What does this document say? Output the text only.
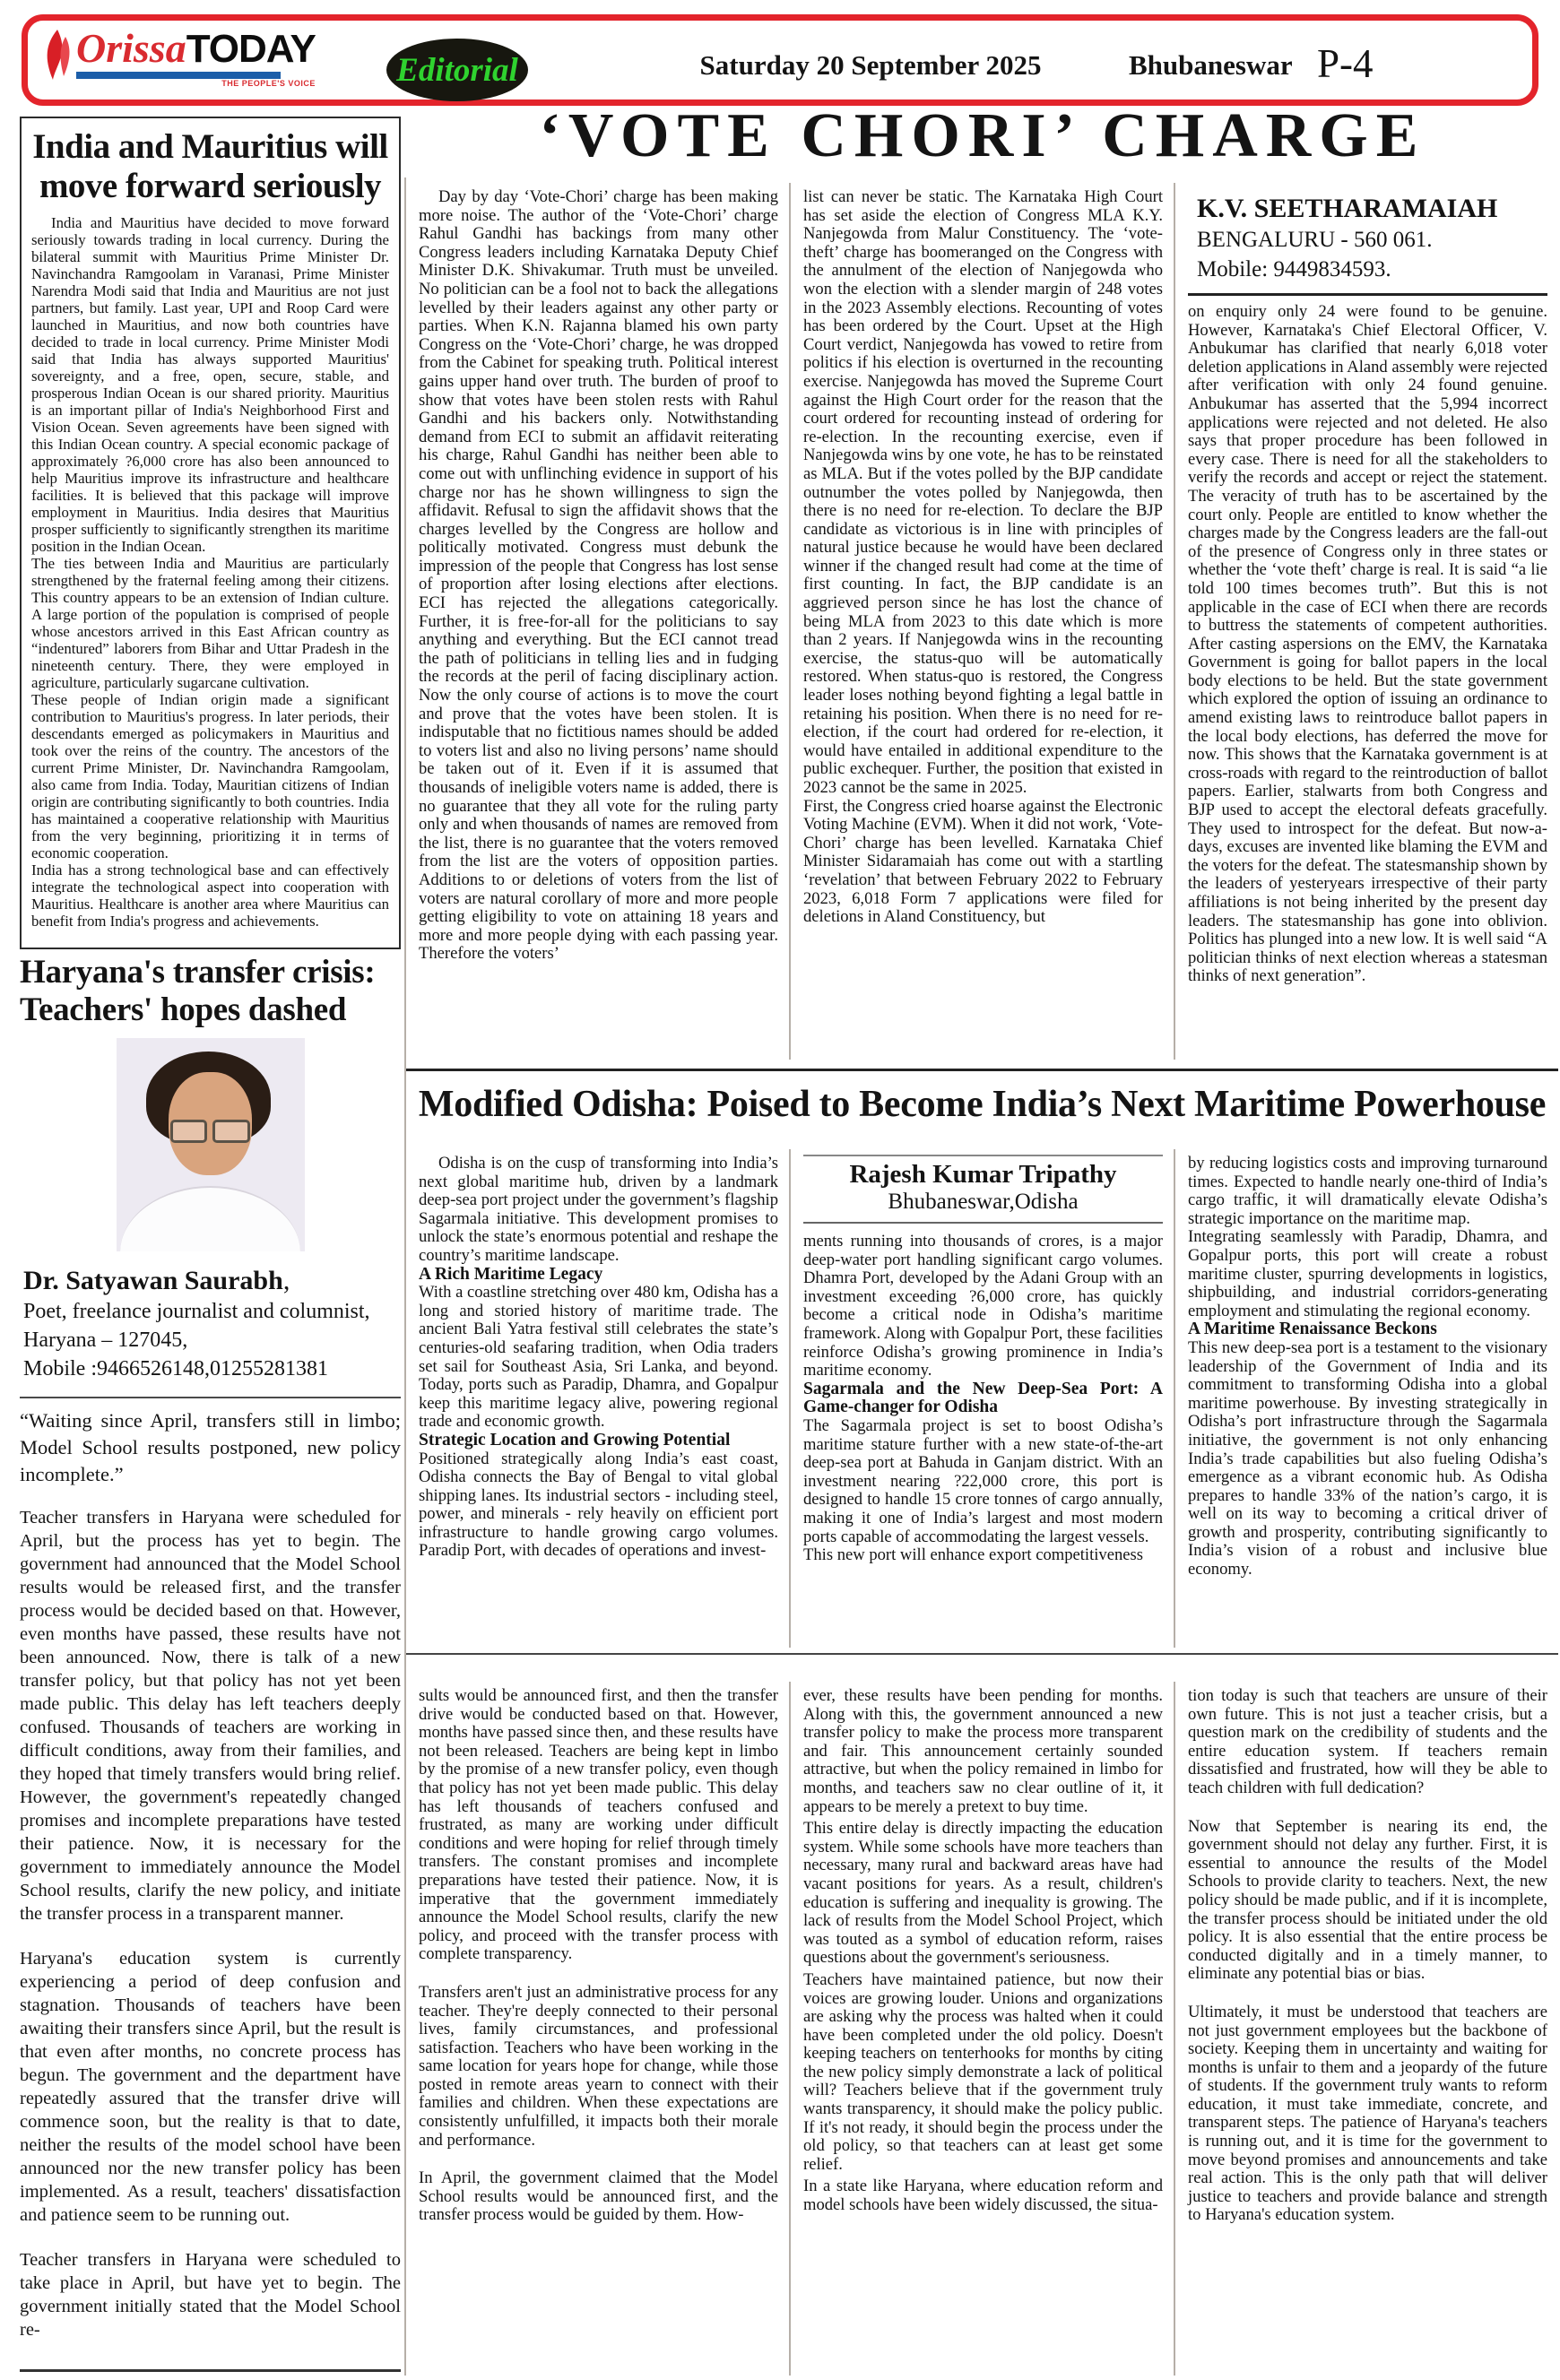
OrissaTODAY
THE PEOPLE'S VOICE Editorial	Saturday 20 September 2025	Bhubaneswar P-4
India and Mauritius will move forward seriously
India and Mauritius have decided to move forward seriously towards trading in local currency. During the bilateral summit with Mauritius Prime Minister Dr. Navinchandra Ramgoolam in Varanasi, Prime Minister Narendra Modi said that India and Mauritius are not just partners, but family. Last year, UPI and Roop Card were launched in Mauritius, and now both countries have decided to trade in local currency. Prime Minister Modi said that India has always supported Mauritius' sovereignty, and a free, open, secure, stable, and prosperous Indian Ocean is our shared priority. Mauritius is an important pillar of India's Neighborhood First and Vision Ocean. Seven agreements have been signed with this Indian Ocean country. A special economic package of approximately ?6,000 crore has also been announced to help Mauritius improve its infrastructure and healthcare facilities. It is believed that this package will improve employment in Mauritius. India desires that Mauritius prosper sufficiently to significantly strengthen its maritime position in the Indian Ocean.
The ties between India and Mauritius are particularly strengthened by the fraternal feeling among their citizens. This country appears to be an extension of Indian culture. A large portion of the population is comprised of people whose ancestors arrived in this East African country as “indentured” laborers from Bihar and Uttar Pradesh in the nineteenth century. There, they were employed in agriculture, particularly sugarcane cultivation.
These people of Indian origin made a significant contribution to Mauritius's progress. In later periods, their descendants emerged as policymakers in Mauritius and took over the reins of the country. The ancestors of the current Prime Minister, Dr. Navinchandra Ramgoolam, also came from India. Today, Mauritian citizens of Indian origin are contributing significantly to both countries. India has maintained a cooperative relationship with Mauritius from the very beginning, prioritizing it in terms of economic cooperation.
India has a strong technological base and can effectively integrate the technological aspect into cooperation with Mauritius. Healthcare is another area where Mauritius can benefit from India's progress and achievements.
Haryana's transfer crisis: Teachers' hopes dashed
Dr. Satyawan Saurabh,
Poet, freelance journalist and columnist,
Haryana – 127045,
Mobile :9466526148,01255281381
“Waiting since April, transfers still in limbo; Model School results postponed, new policy incomplete.”
Teacher transfers in Haryana were scheduled for April, but the process has yet to begin. The government had announced that the Model School results would be released first, and the transfer process would be decided based on that. However, even months have passed, these results have not been announced. Now, there is talk of a new transfer policy, but that policy has not yet been made public. This delay has left teachers deeply confused. Thousands of teachers are working in difficult conditions, away from their families, and they hoped that timely transfers would bring relief. However, the government's repeatedly changed promises and incomplete preparations have tested their patience. Now, it is necessary for the government to immediately announce the Model School results, clarify the new policy, and initiate the transfer process in a transparent manner.
Haryana's education system is currently experiencing a period of deep confusion and stagnation. Thousands of teachers have been awaiting their transfers since April, but the result is that even after months, no concrete process has begun. The government and the department have repeatedly assured that the transfer drive will commence soon, but the reality is that to date, neither the results of the model school have been announced nor the new transfer policy has been implemented. As a result, teachers' dissatisfaction and patience seem to be running out.
Teacher transfers in Haryana were scheduled to take place in April, but have yet to begin. The government initially stated that the Model School re-
‘VOTE CHORI’ CHARGE
Day by day ‘Vote-Chori’ charge has been making more noise. The author of the ‘Vote-Chori’ charge Rahul Gandhi has backings from many other Congress leaders including Karnataka Deputy Chief Minister D.K. Shivakumar. Truth must be unveiled. No politician can be a fool not to back the allegations levelled by their leaders against any other party or parties. When K.N. Rajanna blamed his own party Congress on the ‘Vote-Chori’ charge, he was dropped from the Cabinet for speaking truth. Political interest gains upper hand over truth. The burden of proof to show that votes have been stolen rests with Rahul Gandhi and his backers only. Notwithstanding demand from ECI to submit an affidavit reiterating his charge, Rahul Gandhi has neither been able to come out with unflinching evidence in support of his charge nor has he shown willingness to sign the affidavit. Refusal to sign the affidavit shows that the charges levelled by the Congress are hollow and politically motivated. Congress must debunk the impression of the people that Congress has lost sense of proportion after losing elections after elections. ECI has rejected the allegations categorically. Further, it is free-for-all for the politicians to say anything and everything. But the ECI cannot tread the path of politicians in telling lies and in fudging the records at the peril of facing disciplinary action. Now the only course of actions is to move the court and prove that the votes have been stolen. It is indisputable that no fictitious names should be added to voters list and also no living persons’ name should be taken out of it. Even if it is assumed that thousands of ineligible voters name is added, there is no guarantee that they all vote for the ruling party only and when thousands of names are removed from the list, there is no guarantee that the voters removed from the list are the voters of opposition parties. Additions to or deletions of voters from the list of voters are natural corollary of more and more people getting eligibility to vote on attaining 18 years and more and more people dying with each passing year. Therefore the voters’
list can never be static. The Karnataka High Court has set aside the election of Congress MLA K.Y. Nanjegowda from Malur Constituency. The ‘vote-theft’ charge has boomeranged on the Congress with the annulment of the election of Nanjegowda who won the election with a slender margin of 248 votes in the 2023 Assembly elections. Recounting of votes has been ordered by the Court. Upset at the High Court verdict, Nanjegowda has vowed to retire from politics if his election is overturned in the recounting exercise. Nanjegowda has moved the Supreme Court against the High Court order for the reason that the court ordered for recounting instead of ordering for re-election. In the recounting exercise, even if Nanjegowda wins by one vote, he has to be reinstated as MLA. But if the votes polled by the BJP candidate outnumber the votes polled by Nanjegowda, then there is no need for re-election. To declare the BJP candidate as victorious is in line with principles of natural justice because he would have been declared winner if the changed result had come at the time of first counting. In fact, the BJP candidate is an aggrieved person since he has lost the chance of being MLA from 2023 to this date which is more than 2 years. If Nanjegowda wins in the recounting exercise, the status-quo will be automatically restored. When status-quo is restored, the Congress leader loses nothing beyond fighting a legal battle in retaining his position. When there is no need for re-election, if the court had ordered for re-election, it would have entailed in additional expenditure to the public exchequer. Further, the position that existed in 2023 cannot be the same in 2025.
First, the Congress cried hoarse against the Electronic Voting Machine (EVM). When it did not work, ‘Vote-Chori’ charge has been levelled. Karnataka Chief Minister Sidaramaiah has come out with a startling ‘revelation’ that between February 2022 to February 2023, 6,018 Form 7 applications were filed for deletions in Aland Constituency, but
K.V. SEETHARAMAIAH
BENGALURU - 560 061.
Mobile: 9449834593.
on enquiry only 24 were found to be genuine. However, Karnataka's Chief Electoral Officer, V. Anbukumar has clarified that nearly 6,018 voter deletion applications in Aland assembly were rejected after verification with only 24 found genuine. Anbukumar has asserted that the 5,994 incorrect applications were rejected and not deleted. He also says that proper procedure has been followed in every case. There is need for all the stakeholders to verify the records and accept or reject the statement. The veracity of truth has to be ascertained by the court only. People are entitled to know whether the charges made by the Congress leaders are the fall-out of the presence of Congress only in three states or whether the ‘vote theft’ charge is real. It is said “a lie told 100 times becomes truth”. But this is not applicable in the case of ECI when there are records to buttress the statements of competent authorities. After casting aspersions on the EMV, the Karnataka Government is going for ballot papers in the local body elections to be held. But the state government which explored the option of issuing an ordinance to amend existing laws to reintroduce ballot papers in the local body elections, has deferred the move for now. This shows that the Karnataka government is at cross-roads with regard to the reintroduction of ballot papers. Earlier, stalwarts from both Congress and BJP used to accept the electoral defeats gracefully. They used to introspect for the defeat. But now-a-days, excuses are invented like blaming the EVM and the voters for the defeat. The statesmanship shown by the leaders of yesteryears irrespective of their party affiliations is not being inherited by the present day leaders. The statesmanship has gone into oblivion. Politics has plunged into a new low. It is well said “A politician thinks of next election whereas a statesman thinks of next generation”.
Modified Odisha: Poised to Become India’s Next Maritime Powerhouse
Odisha is on the cusp of transforming into India’s next global maritime hub, driven by a landmark deep-sea port project under the government’s flagship Sagarmala initiative. This development promises to unlock the state’s enormous potential and reshape the country’s maritime landscape.
A Rich Maritime Legacy
With a coastline stretching over 480 km, Odisha has a long and storied history of maritime trade. The ancient Bali Yatra festival still celebrates the state’s centuries-old seafaring tradition, when Odia traders set sail for Southeast Asia, Sri Lanka, and beyond. Today, ports such as Paradip, Dhamra, and Gopalpur keep this maritime legacy alive, powering regional trade and economic growth.
Strategic Location and Growing Potential
Positioned strategically along India’s east coast, Odisha connects the Bay of Bengal to vital global shipping lanes. Its industrial sectors - including steel, power, and minerals - rely heavily on efficient port infrastructure to handle growing cargo volumes. Paradip Port, with decades of operations and invest-
Rajesh Kumar Tripathy
Bhubaneswar,Odisha
ments running into thousands of crores, is a major deep-water port handling significant cargo volumes. Dhamra Port, developed by the Adani Group with an investment exceeding ?6,000 crore, has quickly become a critical node in Odisha’s maritime framework. Along with Gopalpur Port, these facilities reinforce Odisha’s growing prominence in India’s maritime economy.
Sagarmala and the New Deep-Sea Port: A Game-changer for Odisha
The Sagarmala project is set to boost Odisha’s maritime stature further with a new state-of-the-art deep-sea port at Bahuda in Ganjam district. With an investment nearing ?22,000 crore, this port is designed to handle 15 crore tonnes of cargo annually, making it one of India’s largest and most modern ports capable of accommodating the largest vessels.
This new port will enhance export competitiveness
by reducing logistics costs and improving turnaround times. Expected to handle nearly one-third of India’s cargo traffic, it will dramatically elevate Odisha’s strategic importance on the maritime map.
Integrating seamlessly with Paradip, Dhamra, and Gopalpur ports, this port will create a robust maritime cluster, spurring developments in logistics, shipbuilding, and industrial corridors-generating employment and stimulating the regional economy.
A Maritime Renaissance Beckons
This new deep-sea port is a testament to the visionary leadership of the Government of India and its commitment to transforming Odisha into a global maritime powerhouse. By investing strategically in Odisha’s port infrastructure through the Sagarmala initiative, the government is not only enhancing India’s trade capabilities but also fueling Odisha’s emergence as a vibrant economic hub. As Odisha prepares to handle 33% of the nation’s cargo, it is well on its way to becoming a critical driver of growth and prosperity, contributing significantly to India’s vision of a robust and inclusive blue economy.
sults would be announced first, and then the transfer drive would be conducted based on that. However, months have passed since then, and these results have not been released. Teachers are being kept in limbo by the promise of a new transfer policy, even though that policy has not yet been made public. This delay has left thousands of teachers confused and frustrated, as many are working under difficult conditions and were hoping for relief through timely transfers. The constant promises and incomplete preparations have tested their patience. Now, it is imperative that the government immediately announce the Model School results, clarify the new policy, and proceed with the transfer process with complete transparency.
Transfers aren't just an administrative process for any teacher. They're deeply connected to their personal lives, family circumstances, and professional satisfaction. Teachers who have been working in the same location for years hope for change, while those posted in remote areas yearn to connect with their families and children. When these expectations are consistently unfulfilled, it impacts both their morale and performance.
In April, the government claimed that the Model School results would be announced first, and the transfer process would be guided by them. How-
ever, these results have been pending for months. Along with this, the government announced a new transfer policy to make the process more transparent and fair. This announcement certainly sounded attractive, but when the policy remained in limbo for months, and teachers saw no clear outline of it, it appears to be merely a pretext to buy time.
This entire delay is directly impacting the education system. While some schools have more teachers than necessary, many rural and backward areas have had vacant positions for years. As a result, children's education is suffering and inequality is growing. The lack of results from the Model School Project, which was touted as a symbol of education reform, raises questions about the government's seriousness.
Teachers have maintained patience, but now their voices are growing louder. Unions and organizations are asking why the process was halted when it could have been completed under the old policy. Doesn't keeping teachers on tenterhooks for months by citing the new policy simply demonstrate a lack of political will? Teachers believe that if the government truly wants transparency, it should make the policy public. If it's not ready, it should begin the process under the old policy, so that teachers can at least get some relief.
In a state like Haryana, where education reform and model schools have been widely discussed, the situa-
tion today is such that teachers are unsure of their own future. This is not just a teacher crisis, but a question mark on the credibility of students and the entire education system. If teachers remain dissatisfied and frustrated, how will they be able to teach children with full dedication?
Now that September is nearing its end, the government should not delay any further. First, it is essential to announce the results of the Model Schools to provide clarity to teachers. Next, the new policy should be made public, and if it is incomplete, the transfer process should be initiated under the old policy. It is also essential that the entire process be conducted digitally and in a timely manner, to eliminate any potential bias or bias.
Ultimately, it must be understood that teachers are not just government employees but the backbone of society. Keeping them in uncertainty and waiting for months is unfair to them and a jeopardy of the future of students. If the government truly wants to reform education, it must take immediate, concrete, and transparent steps. The patience of Haryana's teachers is running out, and it is time for the government to move beyond promises and announcements and take real action. This is the only path that will deliver justice to teachers and provide balance and strength to Haryana's education system.
